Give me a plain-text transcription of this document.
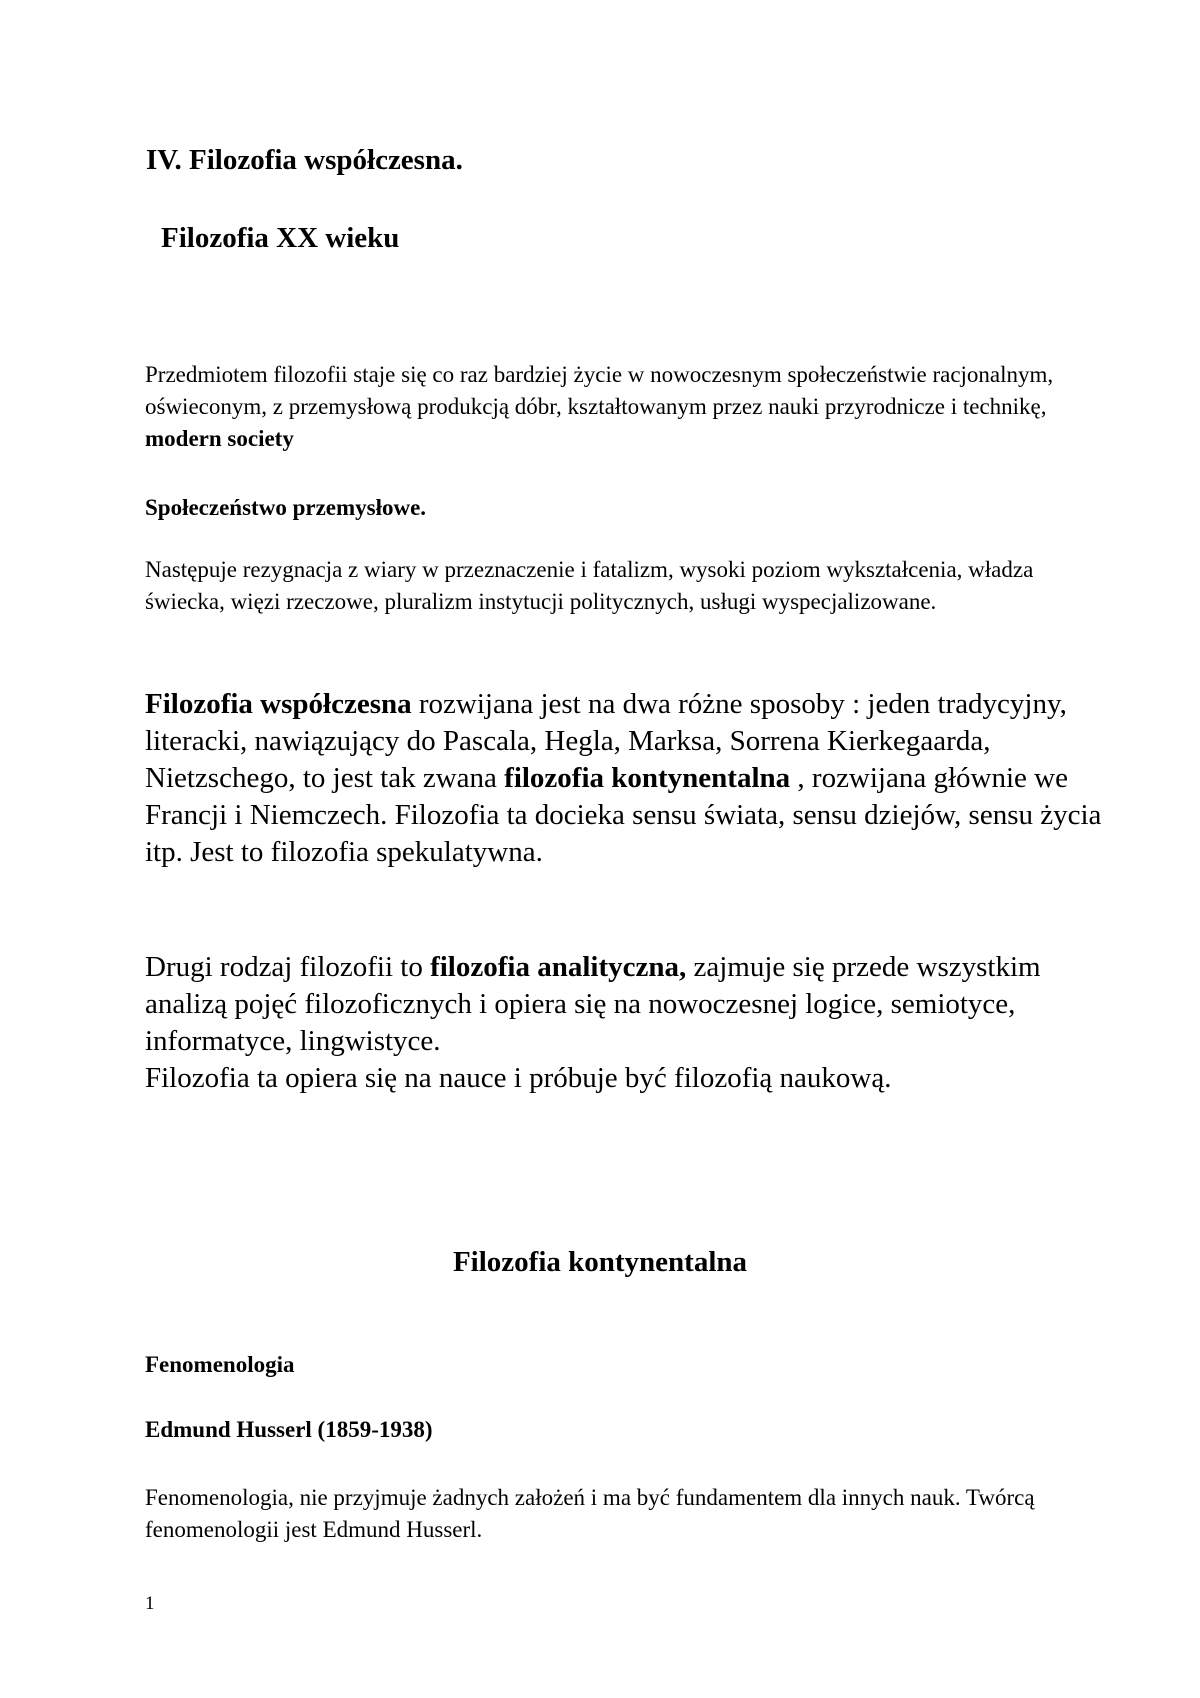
IV. Filozofia współczesna.
Filozofia XX wieku

Przedmiotem filozofii staje się co raz bardziej życie w nowoczesnym społeczeństwie racjonalnym, oświeconym, z przemysłową produkcją dóbr, kształtowanym przez nauki przyrodnicze i technikę, modern society

Społeczeństwo przemysłowe.

Następuje rezygnacja z wiary w przeznaczenie i fatalizm, wysoki poziom wykształcenia, władza świecka, więzi rzeczowe, pluralizm instytucji politycznych, usługi wyspecjalizowane.

Filozofia współczesna rozwijana jest na dwa różne sposoby : jeden tradycyjny, literacki, nawiązujący do Pascala, Hegla, Marksa, Sorrena Kierkegaarda, Nietzschego, to jest tak zwana filozofia kontynentalna , rozwijana głównie we Francji i Niemczech. Filozofia ta docieka sensu świata, sensu dziejów, sensu życia itp. Jest to filozofia spekulatywna.

Drugi rodzaj filozofii to filozofia analityczna, zajmuje się przede wszystkim analizą pojęć filozoficznych i opiera się na nowoczesnej logice, semiotyce, informatyce, lingwistyce.
Filozofia ta opiera się na nauce i próbuje być filozofią naukową.

Filozofia kontynentalna
Fenomenologia
Edmund Husserl (1859-1938)

Fenomenologia, nie przyjmuje żadnych założeń i ma być fundamentem dla innych nauk. Twórcą fenomenologii jest Edmund Husserl.

1
